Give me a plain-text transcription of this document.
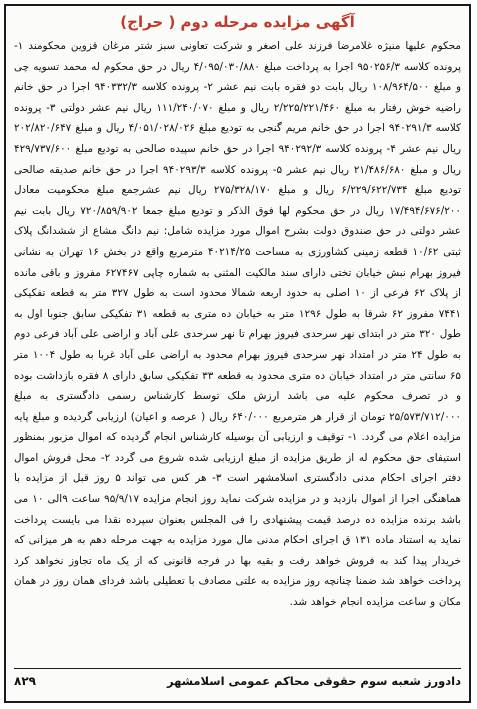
آگهی مزایده مرحله دوم ( حراج)

محکوم علیها منیژه غلامرضا فرزند علی اصغر و شرکت تعاونی سبز شتر مرغان قزوین محکومند ۱- پرونده کلاسه ۹۵۰۲۵۶/۳ اجرا به پرداخت مبلغ ۴/۰۹۵/۰۳۰/۸۸۰ ریال در حق محکوم له محمد تسویه چی و مبلغ ۱۰۸/۹۶۴/۵۰۰ ریال بابت دو فقره بابت نیم عشر ۲- پرونده کلاسه ۹۴۰۳۳۲/۳ اجرا در حق خانم راضیه خوش رفتار به مبلغ ۲/۲۲۵/۲۲۱/۴۶۰ ریال و مبلغ ۱۱۱/۲۴۰/۰۷۰ ریال نیم عشر دولتی ۳- پرونده کلاسه ۹۴۰۲۹۱/۳ اجرا در حق خانم مریم گنجی به تودیع مبلغ ۴/۰۵۱/۰۲۸/۰۲۶ ریال و مبلغ ۲۰۲/۸۲۰/۶۴۷ ریال نیم عشر ۴- پرونده کلاسه ۹۴۰۲۹۲/۳ اجرا در حق خانم سپیده صالحی به تودیع مبلغ ۴۲۹/۷۳۷/۶۰۰ ریال و مبلغ ۲۱/۴۸۶/۶۸۰ ریال نیم عشر ۵- پرونده کلاسه ۹۴۰۲۹۳/۳ اجرا در حق خانم صدیقه صالحی تودیع مبلغ ۶/۲۲۹/۶۲۲/۷۳۴ ریال و مبلغ ۲۷۵/۳۲۸/۱۷۰ ریال نیم عشرجمع مبلغ محکومیت معادل ۱۷/۴۹۴/۶۷۶/۲۰۰ ریال در حق محکوم لها فوق الذکر و تودیع مبلغ جمعا ۷۲۰/۸۵۹/۹۰۲ ریال بابت نیم عشر دولتی در حق صندوق دولت بشرح اموال مورد مزایده شامل: نیم دانگ مشاع از ششدانگ پلاک ثبتی ۱۰/۶۲ قطعه زمینی کشاورزی به مساحت ۴۰۲۱۴/۲۵ مترمربع واقع در بخش ۱۶ تهران به نشانی فیروز بهرام نبش خیابان تختی دارای سند مالکیت المثنی به شماره چاپی ۶۲۷۴۶۷ مفروز و باقی مانده از پلاک ۶۲ فرعی از ۱۰ اصلی به حدود اربعه شمالا محدود است به طول ۳۲۷ متر به قطعه تفکیکی ۷۴۴۱ مفروز ۶۲ شرقا به طول ۱۲۹۶ متر به خیابان ده متری به قطعه ۳۱ تفکیکی سابق جنوبا اول به طول ۳۲۰ متر در ابتدای نهر سرحدی فیروز بهرام تا نهر سرحدی علی آباد و اراضی علی آباد فرعی دوم به طول ۲۴ متر در امتداد نهر سرحدی فیروز بهرام محدود به اراضی علی آباد غربا به طول ۱۰۰۴ متر ۶۵ سانتی متر در امتداد خیابان ده متری محدود به قطعه ۳۳ تفکیکی سابق دارای ۸ فقره بازداشت بوده و در تصرف محکوم علیه می باشد ارزش ملک توسط کارشناس رسمی دادگستری به مبلغ ۲۵/۵۷۳/۷۱۲/۰۰۰ تومان از قرار هر مترمربع ۶۴۰/۰۰۰ ریال ( عرصه و اعیان) ارزیابی گردیده و مبلغ پایه مزایده اعلام می گردد. ۱- توقیف و ارزیابی آن بوسیله کارشناس انجام گردیده که اموال مزبور بمنظور استیفای حق محکوم له از طریق مزایده از مبلغ ارزیابی شده شروع می گردد ۲- محل فروش اموال دفتر اجرای احکام مدنی دادگستری اسلامشهر است ۳- هر کس می تواند ۵ روز قبل از مزایده با هماهنگی اجرا از اموال بازدید و در مزایده شرکت نماید روز انجام مزایده ۹۵/۹/۱۷ ساعت ۹الی ۱۰ می باشد برنده مزایده ده درصد قیمت پیشنهادی را فی المجلس بعنوان سپرده نقدا می بایست پرداخت نماید به استناد ماده ۱۳۱ ق اجرای احکام مدنی مال مورد مزایده به جهت مرحله دهم به هر میزانی که خریدار پیدا کند به فروش خواهد رفت و بقیه بها در فرجه قانونی که از یک ماه تجاوز نخواهد کرد پرداخت خواهد شد ضمنا چنانچه روز مزایده به علتی مصادف با تعطیلی باشد فردای همان روز در همان مکان و ساعت مزایده انجام خواهد شد.

۸۲۹	دادورز شعبه سوم حقوقی محاکم عمومی اسلامشهر
